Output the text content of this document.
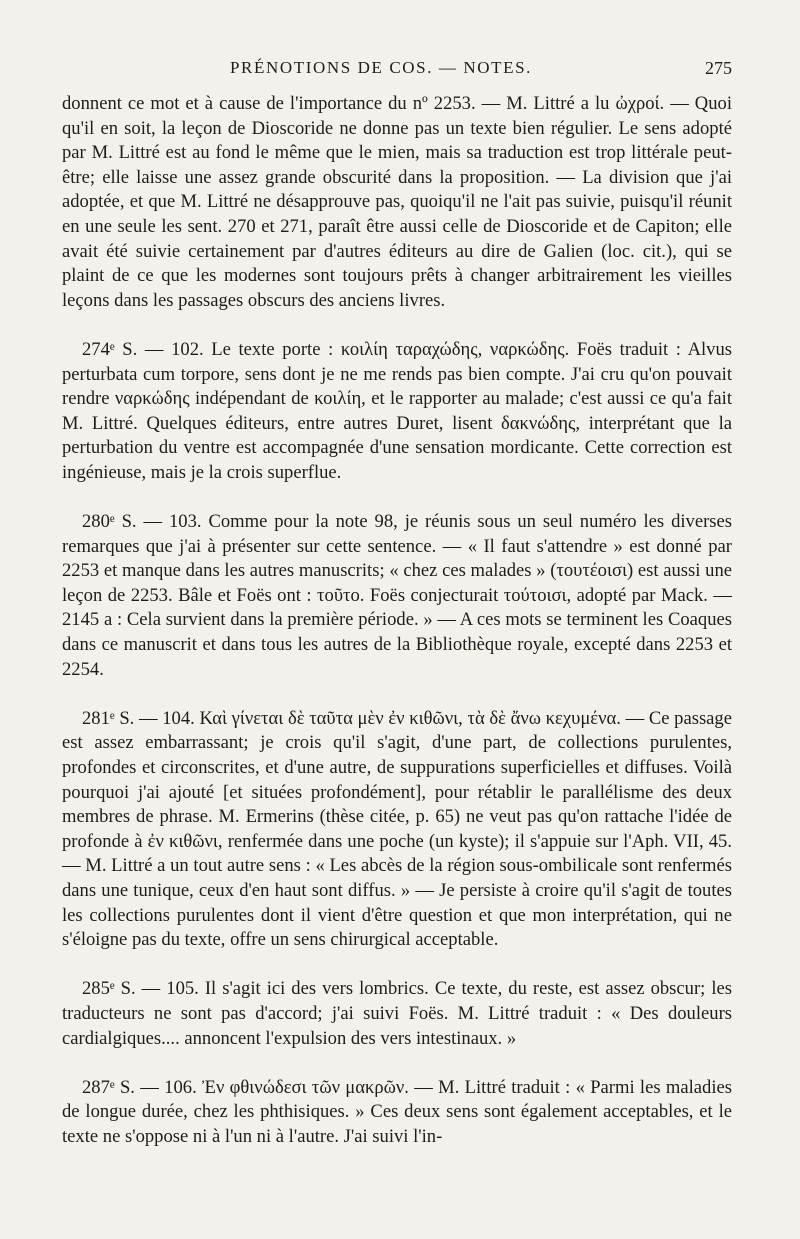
PRÉNOTIONS DE COS. — NOTES.	275

donnent ce mot et à cause de l'importance du nº 2253. — M. Littré a lu ὠχροί. — Quoi qu'il en soit, la leçon de Dioscoride ne donne pas un texte bien régulier. Le sens adopté par M. Littré est au fond le même que le mien, mais sa traduction est trop littérale peut-être; elle laisse une assez grande obscurité dans la proposition. — La division que j'ai adoptée, et que M. Littré ne désapprouve pas, quoiqu'il ne l'ait pas suivie, puisqu'il réunit en une seule les sent. 270 et 271, paraît être aussi celle de Dioscoride et de Capiton; elle avait été suivie certainement par d'autres éditeurs au dire de Galien (loc. cit.), qui se plaint de ce que les modernes sont toujours prêts à changer arbitrairement les vieilles leçons dans les passages obscurs des anciens livres.

274ᵉ S. — 102. Le texte porte : κοιλίη ταραχώδης, ναρκώδης. Foës traduit : Alvus perturbata cum torpore, sens dont je ne me rends pas bien compte. J'ai cru qu'on pouvait rendre ναρκώδης indépendant de κοιλίη, et le rapporter au malade; c'est aussi ce qu'a fait M. Littré. Quelques éditeurs, entre autres Duret, lisent δακνώδης, interprétant que la perturbation du ventre est accompagnée d'une sensation mordicante. Cette correction est ingénieuse, mais je la crois superflue.

280ᵉ S. — 103. Comme pour la note 98, je réunis sous un seul numéro les diverses remarques que j'ai à présenter sur cette sentence. — « Il faut s'attendre » est donné par 2253 et manque dans les autres manuscrits; « chez ces malades » (τουτέοισι) est aussi une leçon de 2253. Bâle et Foës ont : τοῦτο. Foës conjecturait τούτοισι, adopté par Mack. — 2145 a : Cela survient dans la première période. » — A ces mots se terminent les Coaques dans ce manuscrit et dans tous les autres de la Bibliothèque royale, excepté dans 2253 et 2254.

281ᵉ S. — 104. Καὶ γίνεται δὲ ταῦτα μὲν ἐν κιθῶνι, τὰ δὲ ἄνω κεχυμένα. — Ce passage est assez embarrassant; je crois qu'il s'agit, d'une part, de collections purulentes, profondes et circonscrites, et d'une autre, de suppurations superficielles et diffuses. Voilà pourquoi j'ai ajouté [et situées profondément], pour rétablir le parallélisme des deux membres de phrase. M. Ermerins (thèse citée, p. 65) ne veut pas qu'on rattache l'idée de profonde à ἐν κιθῶνι, renfermée dans une poche (un kyste); il s'appuie sur l'Aph. VII, 45. — M. Littré a un tout autre sens : « Les abcès de la région sous-ombilicale sont renfermés dans une tunique, ceux d'en haut sont diffus. » — Je persiste à croire qu'il s'agit de toutes les collections purulentes dont il vient d'être question et que mon interprétation, qui ne s'éloigne pas du texte, offre un sens chirurgical acceptable.

285ᵉ S. — 105. Il s'agit ici des vers lombrics. Ce texte, du reste, est assez obscur; les traducteurs ne sont pas d'accord; j'ai suivi Foës. M. Littré traduit : « Des douleurs cardialgiques.... annoncent l'expulsion des vers intestinaux. »

287ᵉ S. — 106. Ἐν φθινώδεσι τῶν μακρῶν. — M. Littré traduit : « Parmi les maladies de longue durée, chez les phthisiques. » Ces deux sens sont également acceptables, et le texte ne s'oppose ni à l'un ni à l'autre. J'ai suivi l'in-
